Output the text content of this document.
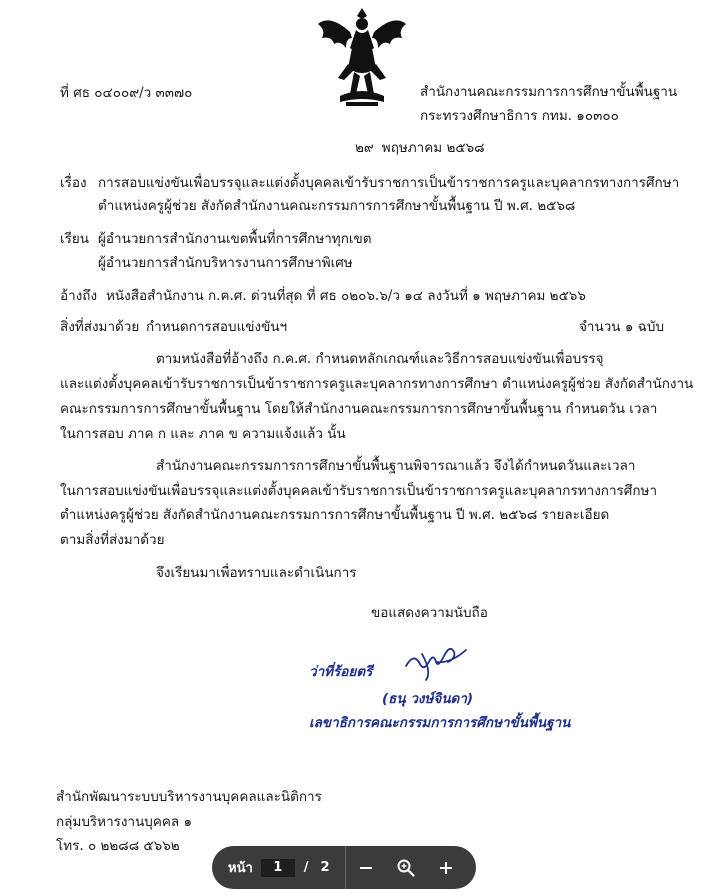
ที่ ศธ ๐๔๐๐๙/ว ๓๓๗๐	สำนักงานคณะกรรมการการศึกษาขั้นพื้นฐาน
กระทรวงศึกษาธิการ กทม. ๑๐๓๐๐
๒๙ พฤษภาคม ๒๕๖๘
เรื่อง การสอบแข่งขันเพื่อบรรจุและแต่งตั้งบุคคลเข้ารับราชการเป็นข้าราชการครูและบุคลากรทางการศึกษา
ตำแหน่งครูผู้ช่วย สังกัดสำนักงานคณะกรรมการการศึกษาขั้นพื้นฐาน ปี พ.ศ. ๒๕๖๘
เรียน ผู้อำนวยการสำนักงานเขตพื้นที่การศึกษาทุกเขต
ผู้อำนวยการสำนักบริหารงานการศึกษาพิเศษ
อ้างถึง หนังสือสำนักงาน ก.ค.ศ. ด่วนที่สุด ที่ ศธ ๐๒๐๖.๖/ว ๑๔ ลงวันที่ ๑ พฤษภาคม ๒๕๖๖
สิ่งที่ส่งมาด้วย กำหนดการสอบแข่งขันฯ	จำนวน ๑ ฉบับ
ตามหนังสือที่อ้างถึง ก.ค.ศ. กำหนดหลักเกณฑ์และวิธีการสอบแข่งขันเพื่อบรรจุ
และแต่งตั้งบุคคลเข้ารับราชการเป็นข้าราชการครูและบุคลากรทางการศึกษา ตำแหน่งครูผู้ช่วย สังกัดสำนักงาน
คณะกรรมการการศึกษาขั้นพื้นฐาน โดยให้สำนักงานคณะกรรมการการศึกษาขั้นพื้นฐาน กำหนดวัน เวลา
ในการสอบ ภาค ก และ ภาค ข ความแจ้งแล้ว นั้น
สำนักงานคณะกรรมการการศึกษาขั้นพื้นฐานพิจารณาแล้ว จึงได้กำหนดวันและเวลา
ในการสอบแข่งขันเพื่อบรรจุและแต่งตั้งบุคคลเข้ารับราชการเป็นข้าราชการครูและบุคลากรทางการศึกษา
ตำแหน่งครูผู้ช่วย สังกัดสำนักงานคณะกรรมการการศึกษาขั้นพื้นฐาน ปี พ.ศ. ๒๕๖๘ รายละเอียด
ตามสิ่งที่ส่งมาด้วย
จึงเรียนมาเพื่อทราบและดำเนินการ
ขอแสดงความนับถือ
ว่าที่ร้อยตรี
(ธนุ วงษ์จินดา)
เลขาธิการคณะกรรมการการศึกษาขั้นพื้นฐาน
สำนักพัฒนาระบบบริหารงานบุคคลและนิติการ
กลุ่มบริหารงานบุคคล ๑
โทร. ๐ ๒๒๘๘ ๕๖๖๒
หน้า
1	/ 2
